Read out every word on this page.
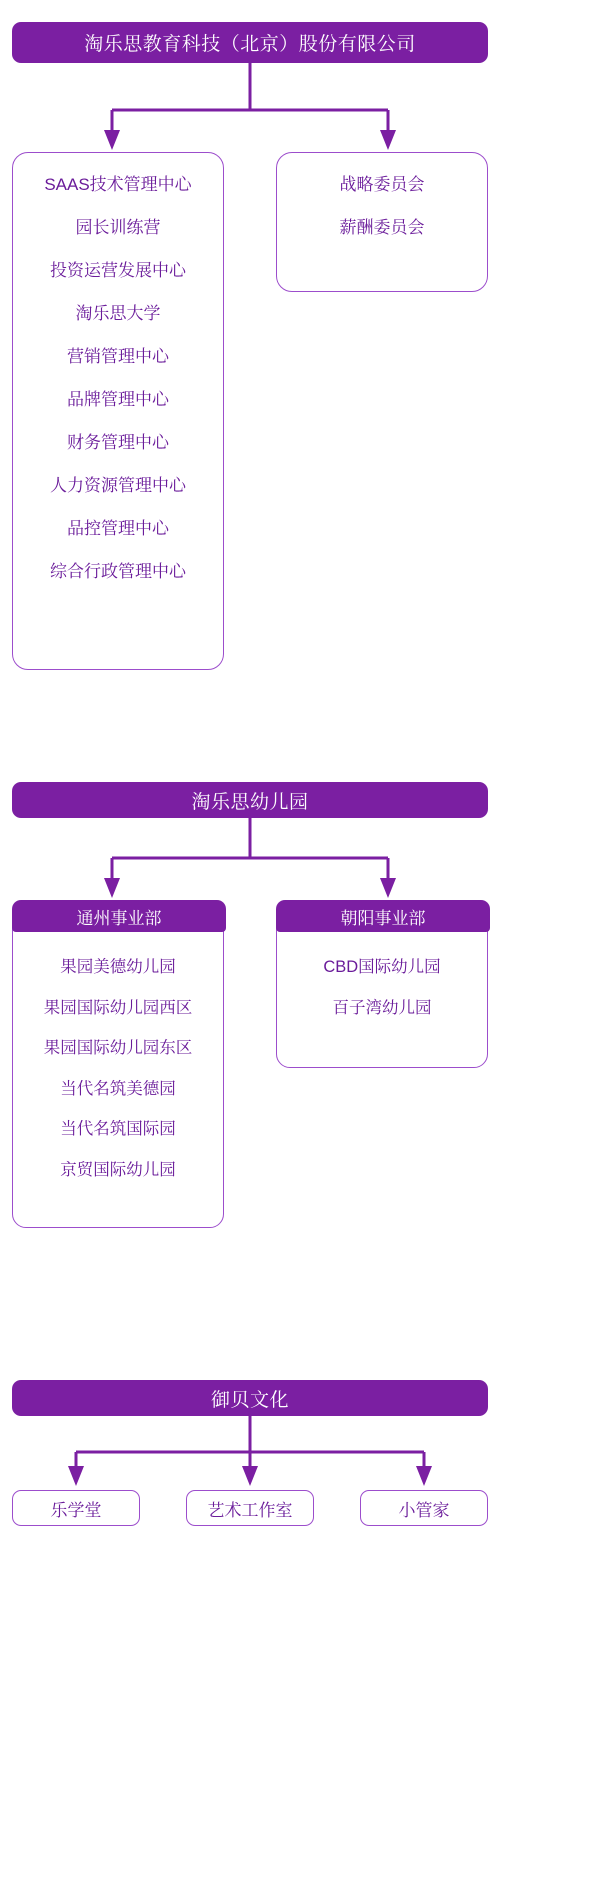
淘乐思教育科技（北京）股份有限公司
SAAS技术管理中心
园长训练营
投资运营发展中心
淘乐思大学
营销管理中心
品牌管理中心
财务管理中心
人力资源管理中心
品控管理中心
综合行政管理中心
战略委员会
薪酬委员会
淘乐思幼儿园
通州事业部
果园美德幼儿园
果园国际幼儿园西区
果园国际幼儿园东区
当代名筑美德园
当代名筑国际园
京贸国际幼儿园
朝阳事业部
CBD国际幼儿园
百子湾幼儿园
御贝文化
乐学堂	艺术工作室	小管家
